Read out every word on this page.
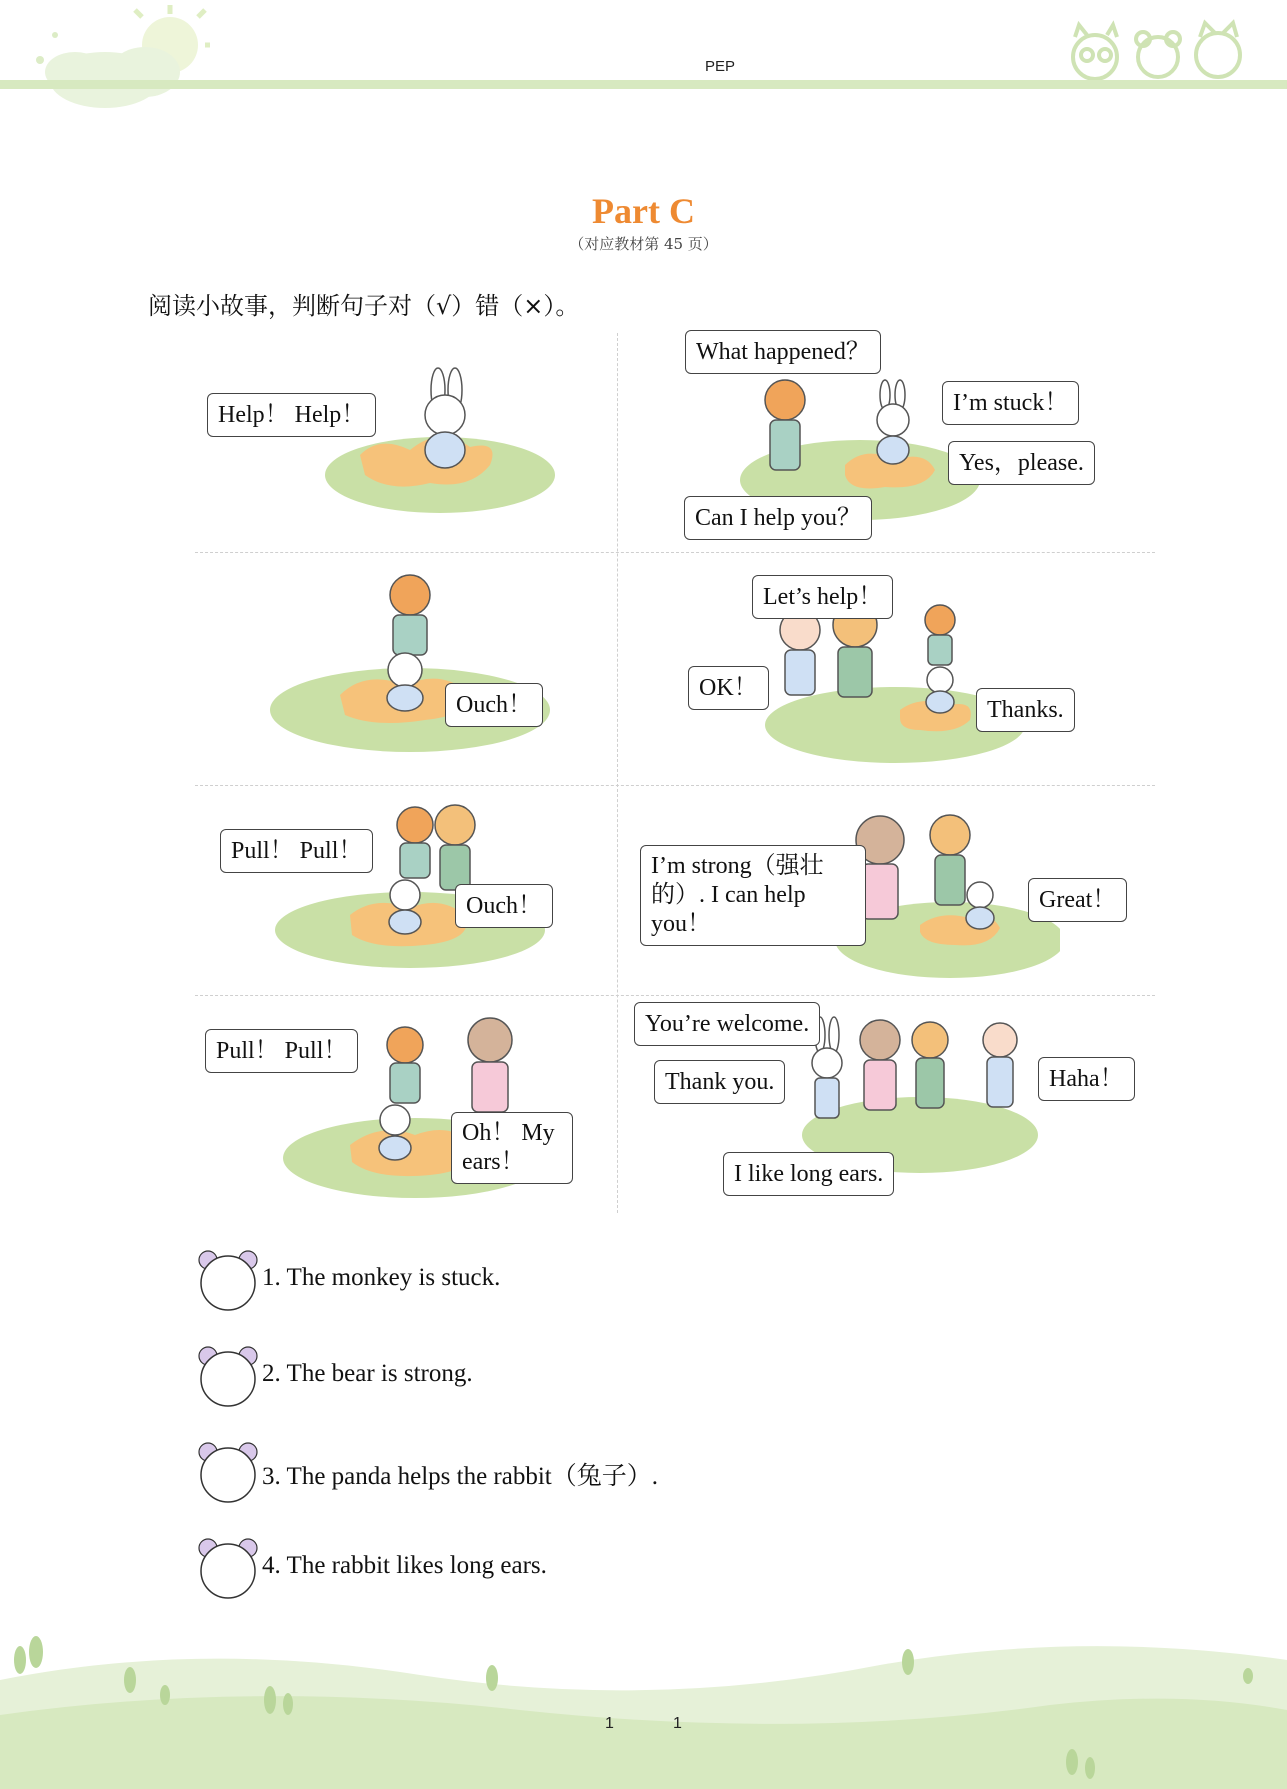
PEP
Part C
（对应教材第 45 页）
阅读小故事，判断句子对（√）错（×）。
Help！ Help！
What happened？
I’m stuck！
Yes，please.
Can I help you？
Ouch！
Let’s help！
OK！
Thanks.
Pull！ Pull！
Ouch！
I’m strong（强壮的）. I can help you！
Great！
Pull！ Pull！
Oh！ My ears！
You’re welcome.
Thank you.	Haha！
I like long ears.
1. The monkey is stuck.
2. The bear is strong.
3. The panda helps the rabbit（兔子）.
4. The rabbit likes long ears.
1	1
